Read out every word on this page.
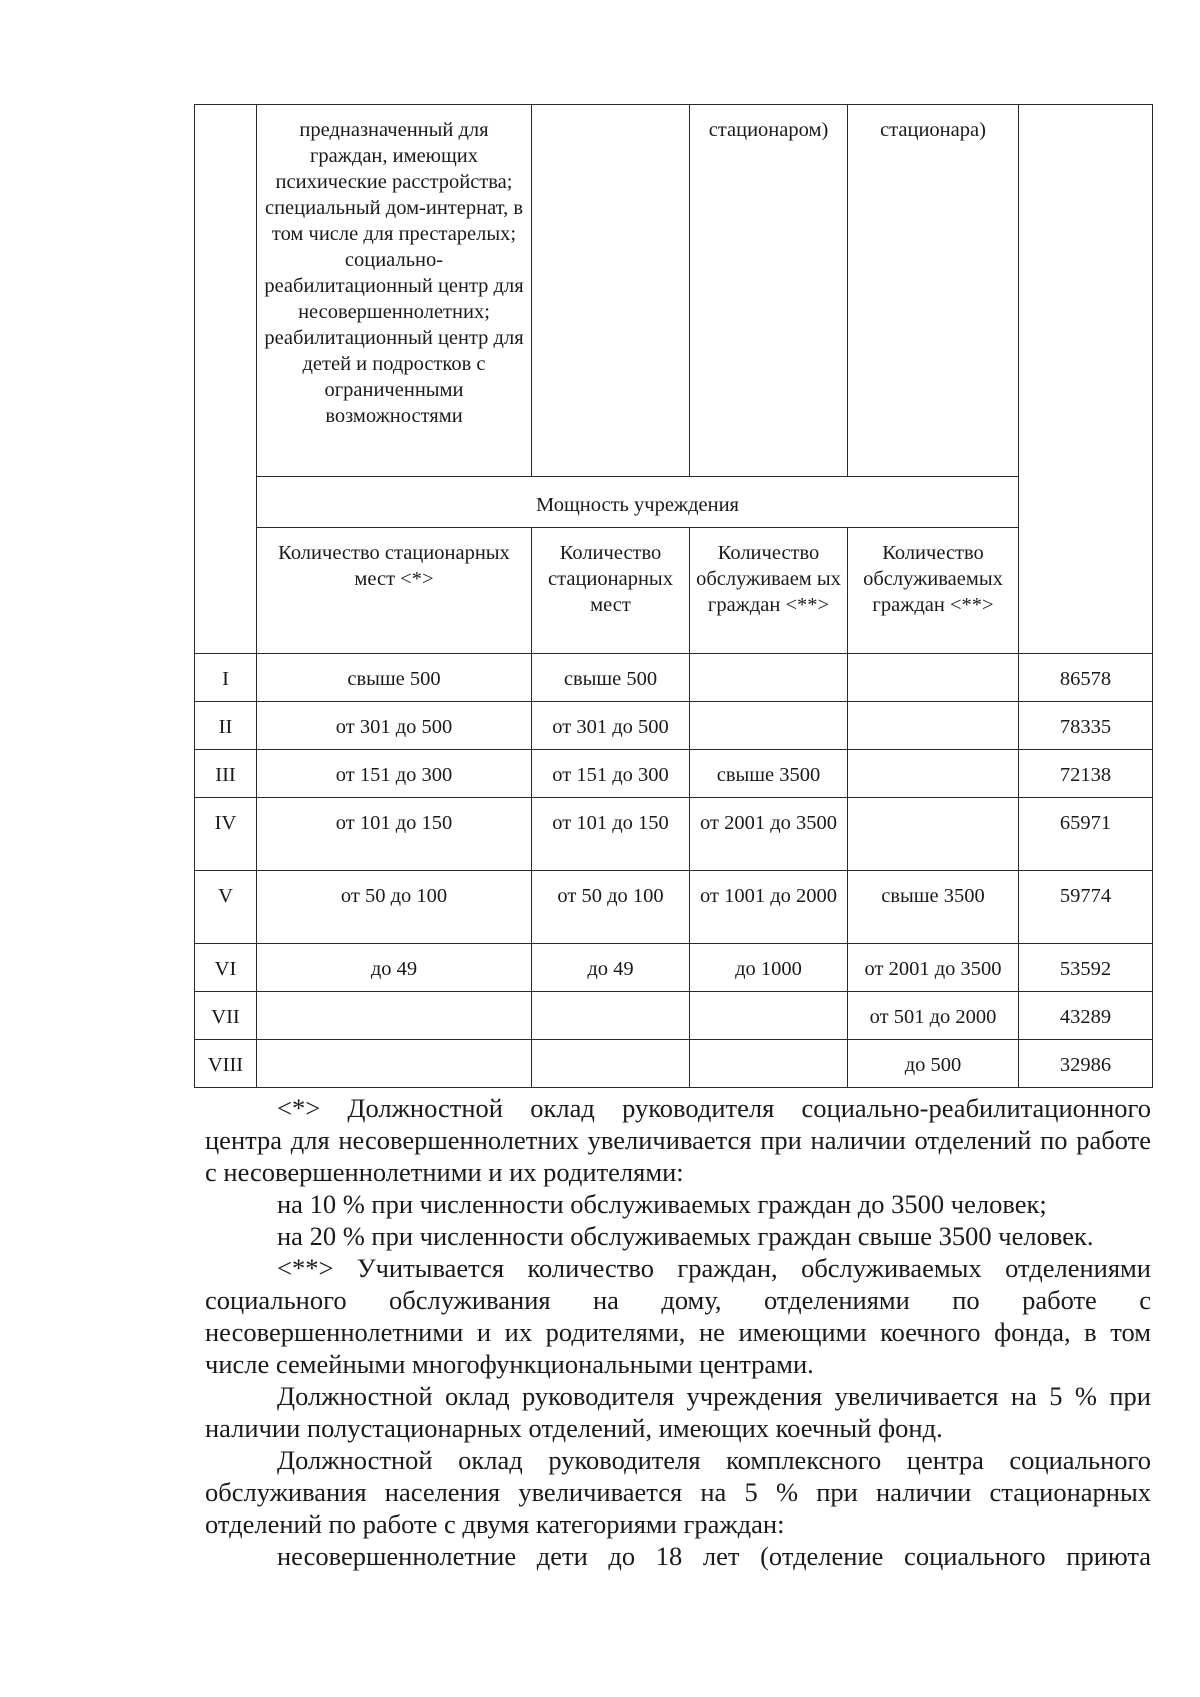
	предназначенный для граждан, имеющих психические расстройства; специальный дом-интернат, в том числе для престарелых; социально-реабилитационный центр для несовершеннолетних; реабилитационный центр для детей и подростков с ограниченными возможностями		стационаром)	стационара)	
	Мощность учреждения				
	Количество стационарных мест <*>	Количество стационарных мест	Количество обслуживаем ых граждан <**>	Количество обслуживаемых граждан <**>	
I	свыше 500	свыше 500			86578
II	от 301 до 500	от 301 до 500			78335
III	от 151 до 300	от 151 до 300	свыше 3500		72138
IV	от 101 до 150	от 101 до 150	от 2001 до 3500		65971
V	от 50 до 100	от 50 до 100	от 1001 до 2000	свыше 3500	59774
VI	до 49	до 49	до 1000	от 2001 до 3500	53592
VII				от 501 до 2000	43289
VIII				до 500	32986

<*> Должностной оклад руководителя социально-реабилитационного центра для несовершеннолетних увеличивается при наличии отделений по работе с несовершеннолетними и их родителями:

на 10 % при численности обслуживаемых граждан до 3500 человек;

на 20 % при численности обслуживаемых граждан свыше 3500 человек.

<**> Учитывается количество граждан, обслуживаемых отделениями социального обслуживания на дому, отделениями по работе с несовершеннолетними и их родителями, не имеющими коечного фонда, в том числе семейными многофункциональными центрами.

Должностной оклад руководителя учреждения увеличивается на 5 % при наличии полустационарных отделений, имеющих коечный фонд.

Должностной оклад руководителя комплексного центра социального обслуживания населения увеличивается на 5 % при наличии стационарных отделений по работе с двумя категориями граждан:

несовершеннолетние дети до 18 лет (отделение социального приюта
